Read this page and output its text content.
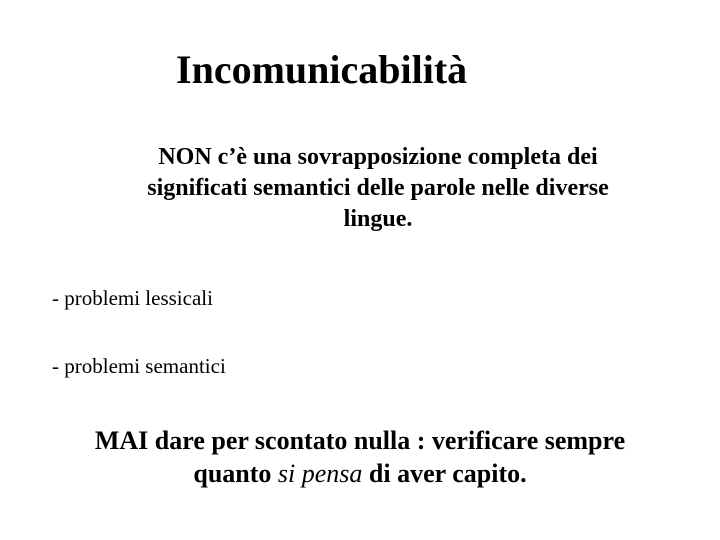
Incomunicabilità
NON c’è una sovrapposizione completa dei
significati semantici delle parole nelle diverse
lingue.
- problemi lessicali
- problemi semantici
MAI dare per scontato nulla : verificare sempre
quanto si pensa di aver capito.
